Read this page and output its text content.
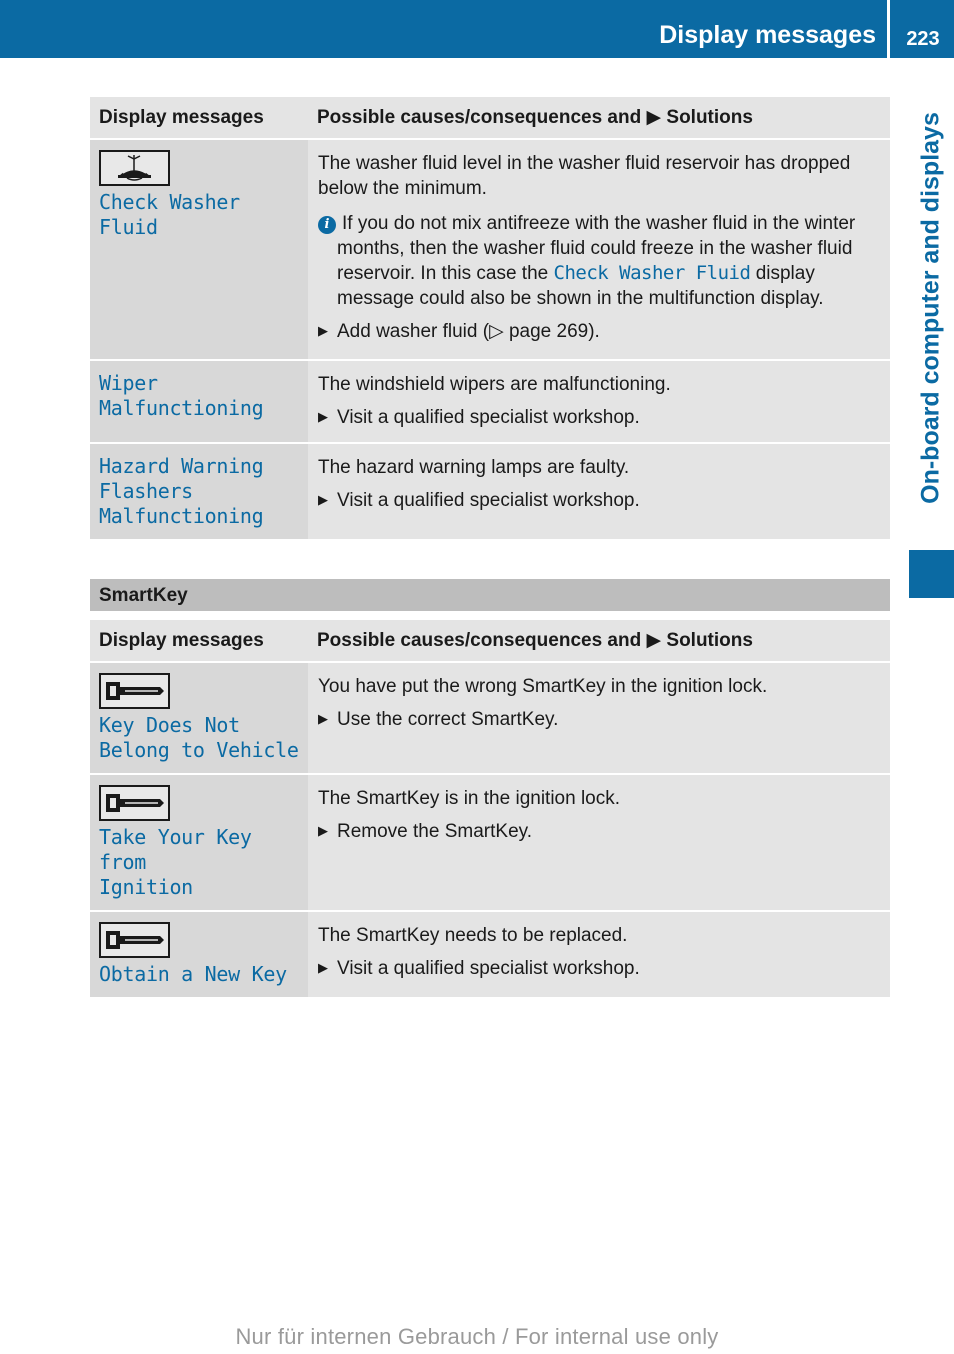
Display messages	223
On-board computer and displays
Display messages	Possible causes/consequences and ▶ Solutions

Check Washer Fluid	The washer fluid level in the washer fluid reservoir has dropped below the minimum.
i If you do not mix antifreeze with the washer fluid in the winter months, then the washer fluid could freeze in the washer fluid reservoir. In this case the Check Washer Fluid display message could also be shown in the multifunction display.
▶ Add washer fluid (▷ page 269).

Wiper
Malfunctioning	The windshield wipers are malfunctioning.
▶ Visit a qualified specialist workshop.

Hazard Warning
Flashers
Malfunctioning	The hazard warning lamps are faulty.
▶ Visit a qualified specialist workshop.
SmartKey
Display messages	Possible causes/consequences and ▶ Solutions

Key Does Not
Belong to Vehicle	You have put the wrong SmartKey in the ignition lock.
▶ Use the correct SmartKey.

Take Your Key from
Ignition	The SmartKey is in the ignition lock.
▶ Remove the SmartKey.

Obtain a New Key	The SmartKey needs to be replaced.
▶ Visit a qualified specialist workshop.
Nur für internen Gebrauch / For internal use only
